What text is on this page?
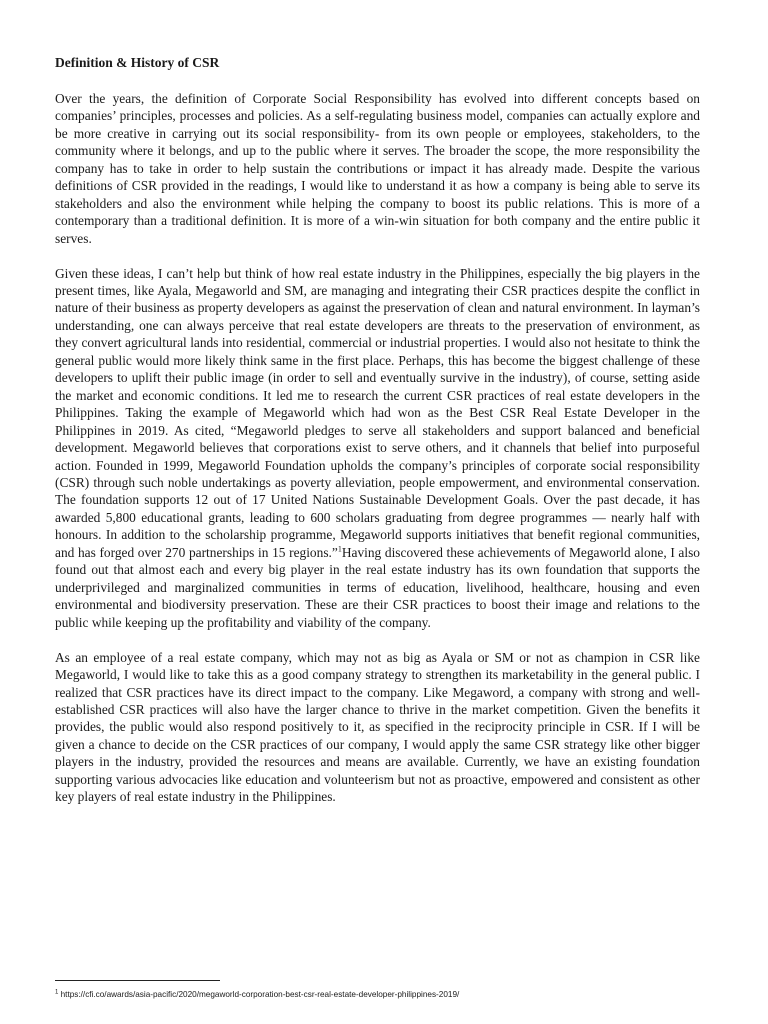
Definition & History of CSR

Over the years, the definition of Corporate Social Responsibility has evolved into different concepts based on companies’ principles, processes and policies. As a self-regulating business model, companies can actually explore and be more creative in carrying out its social responsibility- from its own people or employees, stakeholders, to the community where it belongs, and up to the public where it serves. The broader the scope, the more responsibility the company has to take in order to help sustain the contributions or impact it has already made. Despite the various definitions of CSR provided in the readings, I would like to understand it as how a company is being able to serve its stakeholders and also the environment while helping the company to boost its public relations. This is more of a contemporary than a traditional definition. It is more of a win-win situation for both company and the entire public it serves.

Given these ideas, I can’t help but think of how real estate industry in the Philippines, especially the big players in the present times, like Ayala, Megaworld and SM, are managing and integrating their CSR practices despite the conflict in nature of their business as property developers as against the preservation of clean and natural environment. In layman’s understanding, one can always perceive that real estate developers are threats to the preservation of environment, as they convert agricultural lands into residential, commercial or industrial properties. I would also not hesitate to think the general public would more likely think same in the first place. Perhaps, this has become the biggest challenge of these developers to uplift their public image (in order to sell and eventually survive in the industry), of course, setting aside the market and economic conditions. It led me to research the current CSR practices of real estate developers in the Philippines. Taking the example of Megaworld which had won as the Best CSR Real Estate Developer in the Philippines in 2019. As cited, “Megaworld pledges to serve all stakeholders and support balanced and beneficial development. Megaworld believes that corporations exist to serve others, and it channels that belief into purposeful action. Founded in 1999, Megaworld Foundation upholds the company’s principles of corporate social responsibility (CSR) through such noble undertakings as poverty alleviation, people empowerment, and environmental conservation. The foundation supports 12 out of 17 United Nations Sustainable Development Goals. Over the past decade, it has awarded 5,800 educational grants, leading to 600 scholars graduating from degree programmes — nearly half with honours. In addition to the scholarship programme, Megaworld supports initiatives that benefit regional communities, and has forged over 270 partnerships in 15 regions.”$^1$Having discovered these achievements of Megaworld alone, I also found out that almost each and every big player in the real estate industry has its own foundation that supports the underprivileged and marginalized communities in terms of education, livelihood, healthcare, housing and even environmental and biodiversity preservation. These are their CSR practices to boost their image and relations to the public while keeping up the profitability and viability of the company.

As an employee of a real estate company, which may not as big as Ayala or SM or not as champion in CSR like Megaworld, I would like to take this as a good company strategy to strengthen its marketability in the general public. I realized that CSR practices have its direct impact to the company. Like Megaword, a company with strong and well-established CSR practices will also have the larger chance to thrive in the market competition. Given the benefits it provides, the public would also respond positively to it, as specified in the reciprocity principle in CSR. If I will be given a chance to decide on the CSR practices of our company, I would apply the same CSR strategy like other bigger players in the industry, provided the resources and means are available. Currently, we have an existing foundation supporting various advocacies like education and volunteerism but not as proactive, empowered and consistent as other key players of real estate industry in the Philippines.

$^1$ https://cfi.co/awards/asia-pacific/2020/megaworld-corporation-best-csr-real-estate-developer-philippines-2019/
